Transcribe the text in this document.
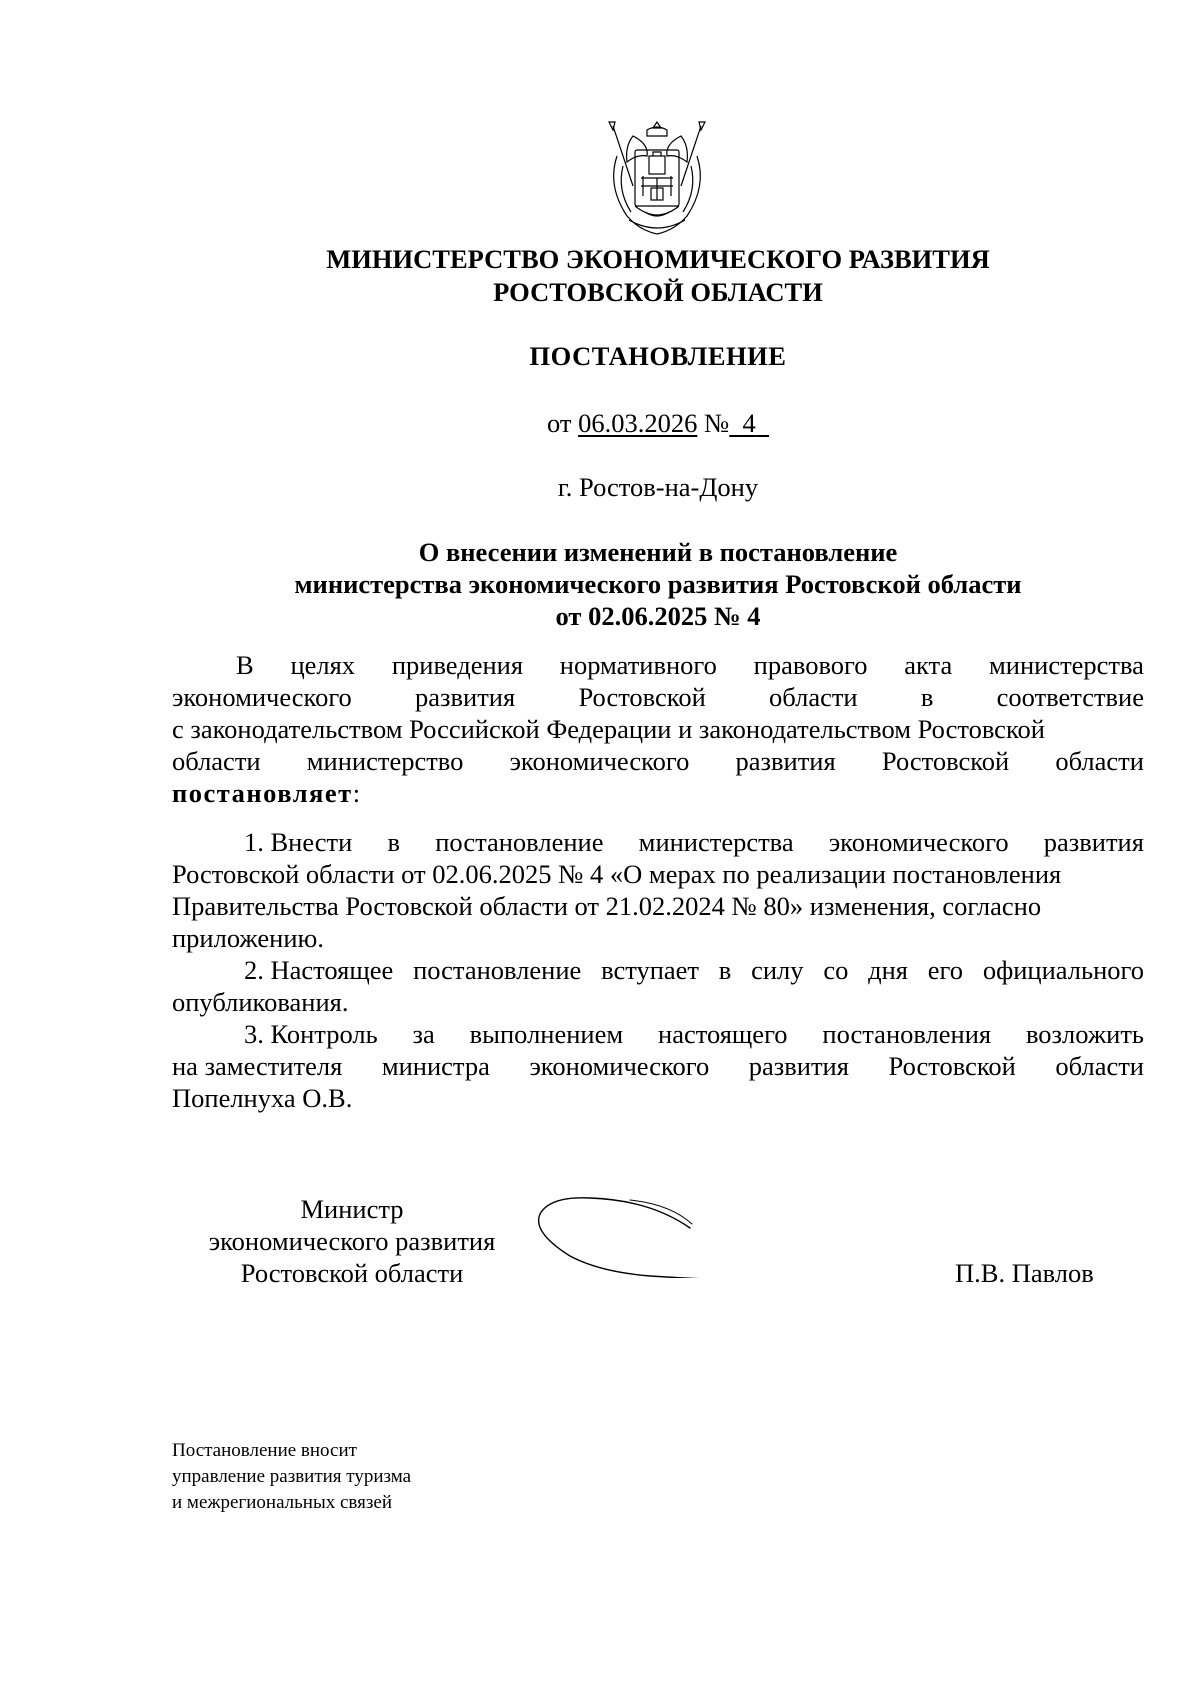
МИНИСТЕРСТВО ЭКОНОМИЧЕСКОГО РАЗВИТИЯ
РОСТОВСКОЙ ОБЛАСТИ
ПОСТАНОВЛЕНИЕ
от 06.03.2026 № 4
г. Ростов-на-Дону
О внесении изменений в постановление
министерства экономического развития Ростовской области
от 02.06.2025 № 4
В целях приведения нормативного правового акта министерства
экономического развития Ростовской области в соответствие
с законодательством Российской Федерации и законодательством Ростовской
области министерство экономического развития Ростовской области
постановляет :
1. Внести в постановление министерства экономического развития
Ростовской области от 02.06.2025 № 4 «О мерах по реализации постановления
Правительства Ростовской области от 21.02.2024 № 80» изменения, согласно
приложению.
2. Настоящее постановление вступает в силу со дня его официального
опубликования.
3. Контроль за выполнением настоящего постановления возложить
на заместителя министра экономического развития Ростовской области
Попелнуха О.В.
Министр
экономического развития
Ростовской области	П.В. Павлов
Постановление вносит
управление развития туризма
и межрегиональных связей
